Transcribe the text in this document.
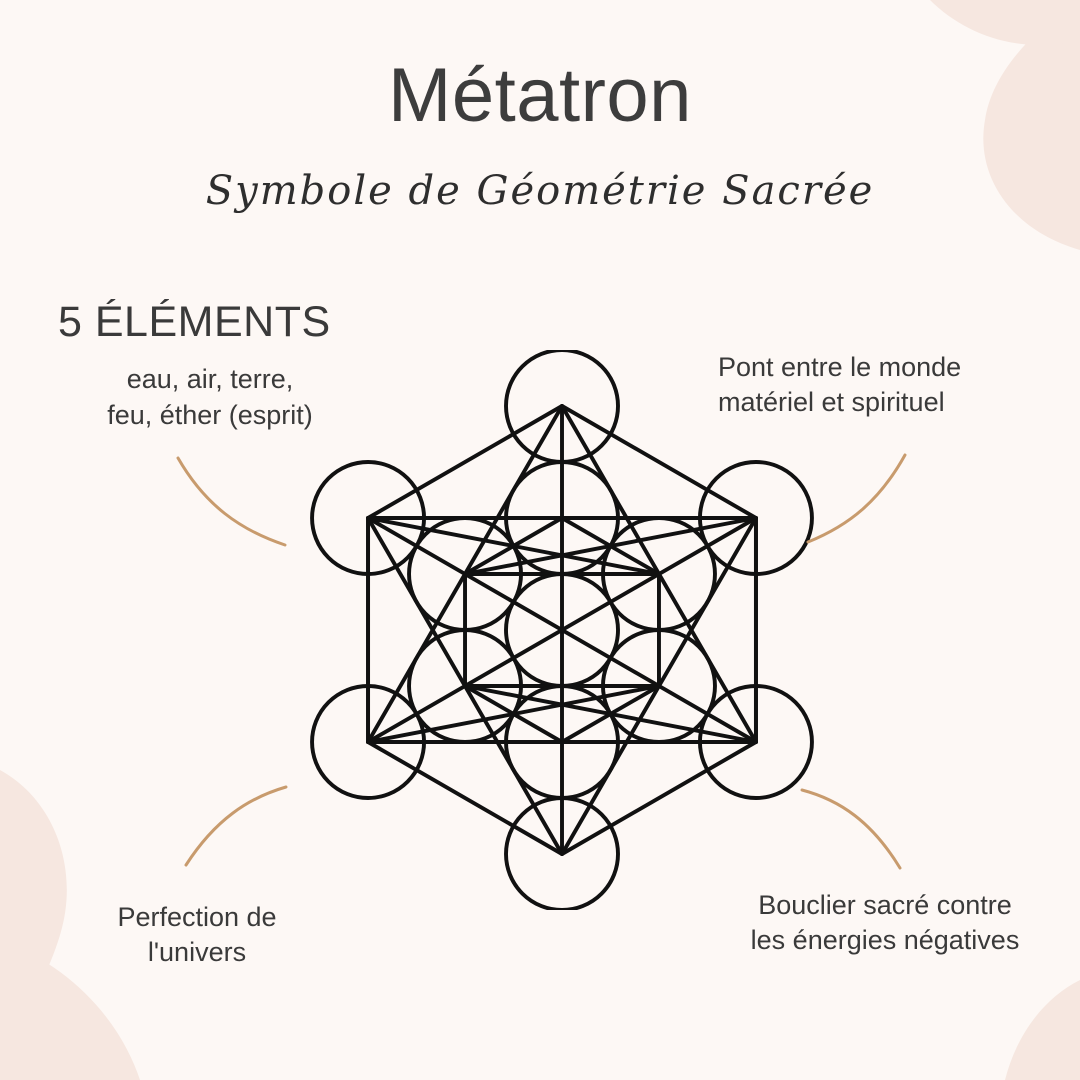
Métatron
Symbole de Géométrie Sacrée
5 ÉLÉMENTS
eau, air, terre,
feu, éther (esprit)
Pont entre le monde
matériel et spirituel
Perfection de
l'univers
Bouclier sacré contre
les énergies négatives
